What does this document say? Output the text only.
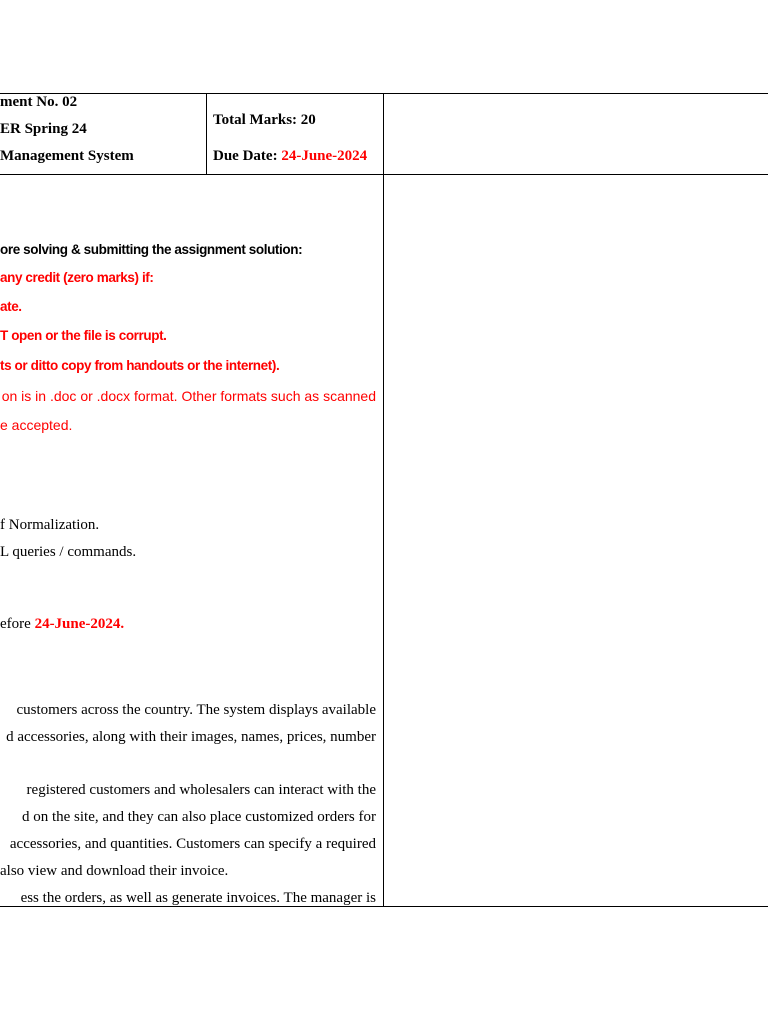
ment No. 02
ER Spring 24
Management System
Total Marks: 20
Due Date: 24-June-2024
ore solving & submitting the assignment solution:
any credit (zero marks) if:
ate.
T open or the file is corrupt.
ts or ditto copy from handouts or the internet).
on is in .doc or .docx format. Other formats such as scanned
e accepted.
f Normalization.
L queries / commands.
efore 24-June-2024.
customers across the country. The system displays available
d accessories, along with their images, names, prices, number
registered customers and wholesalers can interact with the
d on the site, and they can also place customized orders for
accessories, and quantities. Customers can specify a required
also view and download their invoice.
ess the orders, as well as generate invoices. The manager is
